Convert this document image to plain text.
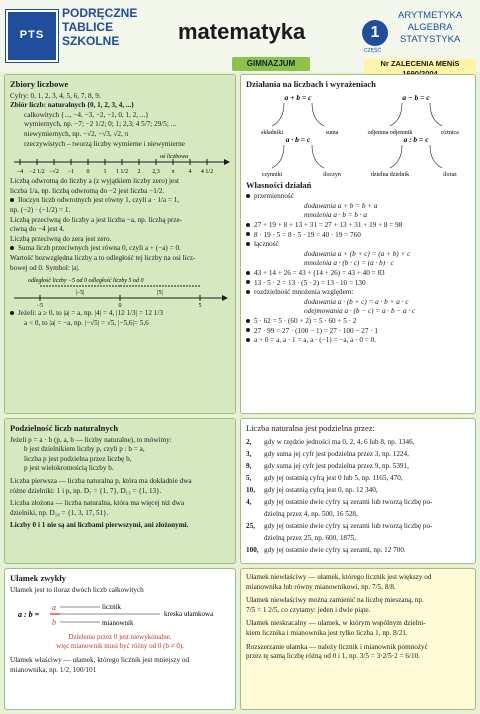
PTS
PODRĘCZNE
TABLICE
SZKOLNE	matematyka	1
CZĘŚĆ
ARYTMETYKA
ALGEBRA
STATYSTYKA
GIMNAZJUM	Nr ZALECENIA MENiS
Zbiory liczbowe
Cyfry: 0, 1, 2, 3, 4, 5, 6, 7, 8, 9.
Zbiór liczb: naturalnych {0, 1, 2, 3, 4, ...}
całkowitych {..., −4, −3, −2, −1, 0, 1, 2, ...}
wymiernych, np. −7; −2 1/2; 0; 1; 2,3; 4 5/7; 29/5; ...
niewymiernych, np. −√2, −√3, √2, π
rzeczywistych – tworzą liczby wymierne i niewymierne
oś liczbowa
−4 −2 1/2 −√2 −1 0 1 1 1/2 2 2,3 π 4 4 1/2
Liczbą odwrotną do liczby a (z wyjątkiem liczby zero) jest
liczba 1/a, np. liczbą odwrotną do −2 jest liczba −1/2.
Iloczyn liczb odwrotnych jest równy 1, czyli a · 1/a = 1,
np. (−2) · (−1/2) = 1.
Liczbą przeciwną do liczby a jest liczba −a, np. liczbą prze-
ciwną do −4 jest 4.
Liczbą przeciwną do zera jest zero.
Suma liczb przeciwnych jest równa 0, czyli a + (−a) = 0.
Wartość bezwzględna liczby a to odległość tej liczby na osi licz-
bowej od 0. Symbol: |a|.
odległość liczby −5 od 0 odległość liczby 5 od 0
−5	0	5
|−5|	|5|
Jeżeli: a ≥ 0, to |a| = a, np. |4| = 4, |12 1/3| = 12 1/3
a < 0, to |a| = −a, np. |−√5| = √5, |−5,6|= 5,6
Działania na liczbach i wyrażeniach
a + b = c
składniki	suma
a − b = c
odjemna odjemnik	różnica
a · b = c
czynniki	iloczyn
a : b = c
dzielna dzielnik	iloraz
Własności działań
przemienność
dodawania a + b = b + a
mnożenia a · b = b · a
27 + 19 + 8 + 13 + 31 = 27 + 13 + 31 + 19 + 8 = 98
8 · 19 · 5 = 8 · 5 · 19 = 40 · 19 = 760
łączność
dodawania a + (b + c) = (a + b) + c
mnożenia a · (b · c) = (a · b) · c
43 + 14 + 26 = 43 + (14 + 26) = 43 + 40 = 83
13 · 5 · 2 = 13 · (5 · 2) = 13 · 10 = 130
rozdzielność mnożenia względem:
dodawania a · (b + c) = a · b + a · c
odejmowania a · (b − c) = a · b − a · c
5 · 62 = 5 · (60 + 2) = 5 · 60 + 5 · 2
27 · 99 = 27 · (100 − 1) = 27 · 100 − 27 · 1
a + 0 = a, a · 1 = a, a · (−1) = −a, a · 0 = 0.
Podzielność liczb naturalnych
Jeżeli p = a · b (p, a, b — liczby naturalne), to mówimy:
b jest dzielnikiem liczby p, czyli p : b = a,
liczba p jest podzielna przez liczbę b,
p jest wielokrotnością liczby b.
Liczba pierwsza — liczba naturalna p, która ma dokładnie dwa
różne dzielniki: 1 i p, np. D₇ = {1, 7}, D₁₃ = {1, 13}.
Liczba złożona — liczba naturalna, która ma więcej niż dwa
dzielniki, np. D₁₈ = {1, 3, 17, 51}.
Liczby 0 i 1 nie są ani liczbami pierwszymi, ani złożonymi.
Liczba naturalna jest podzielna przez:
2, gdy w rzędzie jedności ma 0, 2, 4, 6 lub 8, np. 1346,
3, gdy suma jej cyfr jest podzielna przez 3, np. 1224,
9, gdy suma jej cyfr jest podzielna przez 9, np. 5391,
5, gdy jej ostatnią cyfrą jest 0 lub 5, np. 1165, 470,
10, gdy jej ostatnią cyfrą jest 0, np. 12 340,
4, gdy jej ostatnie dwie cyfry są zerami lub tworzą liczbę po-
dzielną przez 4, np. 500, 16 528,
25, gdy jej ostatnie dwie cyfry są zerami lub tworzą liczbę po-
dzielną przez 25, np. 600, 1875,
100, gdy jej ostatnie dwie cyfry są zerami, np. 12 700.
Ułamek zwykły
Ułamek jest to iloraz dwóch liczb całkowitych
a : b =
a
b
licznik
kreska ułamkowa
mianownik
Dzielenie przez 0 jest niewykonalne,
więc mianownik musi być różny od 0 (b ≠ 0).
Ułamek właściwy — ułamek, którego licznik jest mniejszy od
mianownika, np. 1/2, 100/101
Ułamek niewłaściwy — ułamek, którego licznik jest większy od
mianownika lub równy mianownikowi, np. 7/5, 8/8.
Ułamek niewłaściwy można zamienić na liczbę mieszaną, np.
7/5 = 1 2/5, co czytamy: jeden i dwie piąte.
Ułamek nieskracalny — ułamek, w którym wspólnym dzielni-
kiem licznika i mianownika jest tylko liczba 1, np. 8/21.
Rozszerzanie ułamka — należy licznik i mianownik pomnożyć
przez tę samą liczbę różną od 0 i 1, np. 3/5 = 3·2/5·2 = 6/10.
